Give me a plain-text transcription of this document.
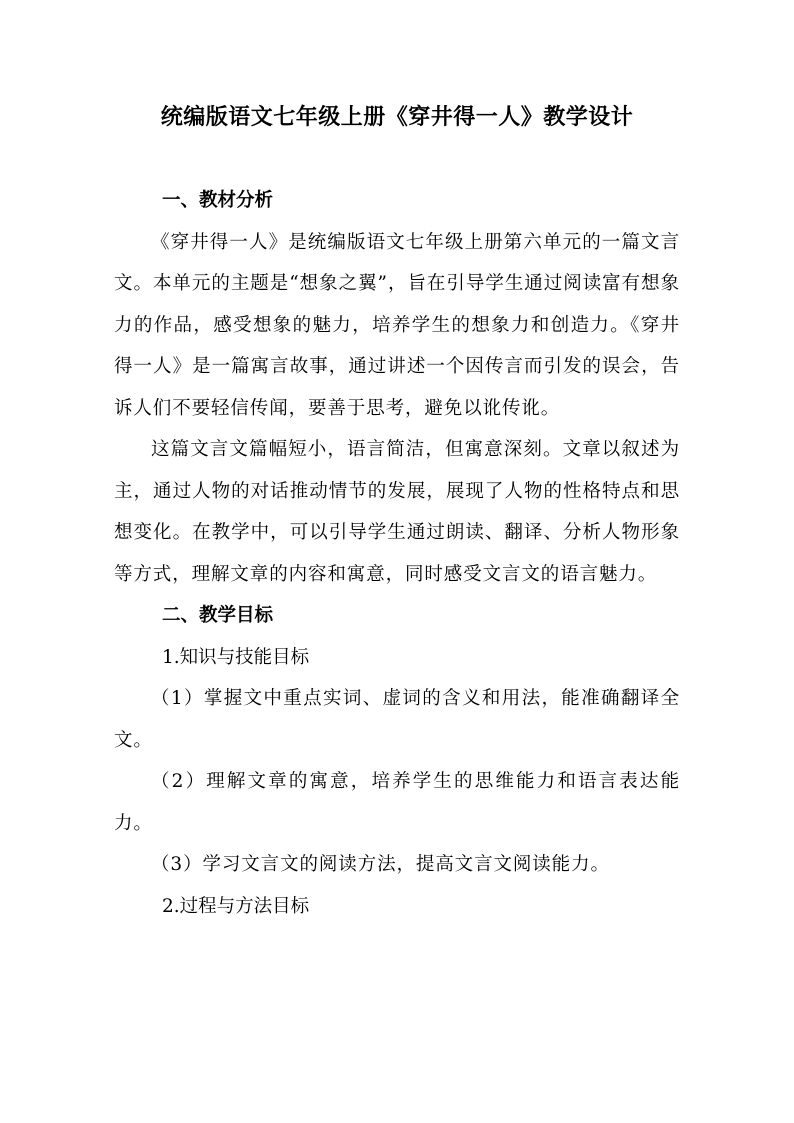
统编版语文七年级上册《穿井得一人》教学设计

一、教材分析

《穿井得一人》是统编版语文七年级上册第六单元的一篇文言文。本单元的主题是“想象之翼”，旨在引导学生通过阅读富有想象力的作品，感受想象的魅力，培养学生的想象力和创造力。《穿井得一人》是一篇寓言故事，通过讲述一个因传言而引发的误会，告诉人们不要轻信传闻，要善于思考，避免以讹传讹。

这篇文言文篇幅短小，语言简洁，但寓意深刻。文章以叙述为主，通过人物的对话推动情节的发展，展现了人物的性格特点和思想变化。在教学中，可以引导学生通过朗读、翻译、分析人物形象等方式，理解文章的内容和寓意，同时感受文言文的语言魅力。

二、教学目标

1.知识与技能目标

（1）掌握文中重点实词、虚词的含义和用法，能准确翻译全文。

（2）理解文章的寓意，培养学生的思维能力和语言表达能力。

（3）学习文言文的阅读方法，提高文言文阅读能力。

2.过程与方法目标
